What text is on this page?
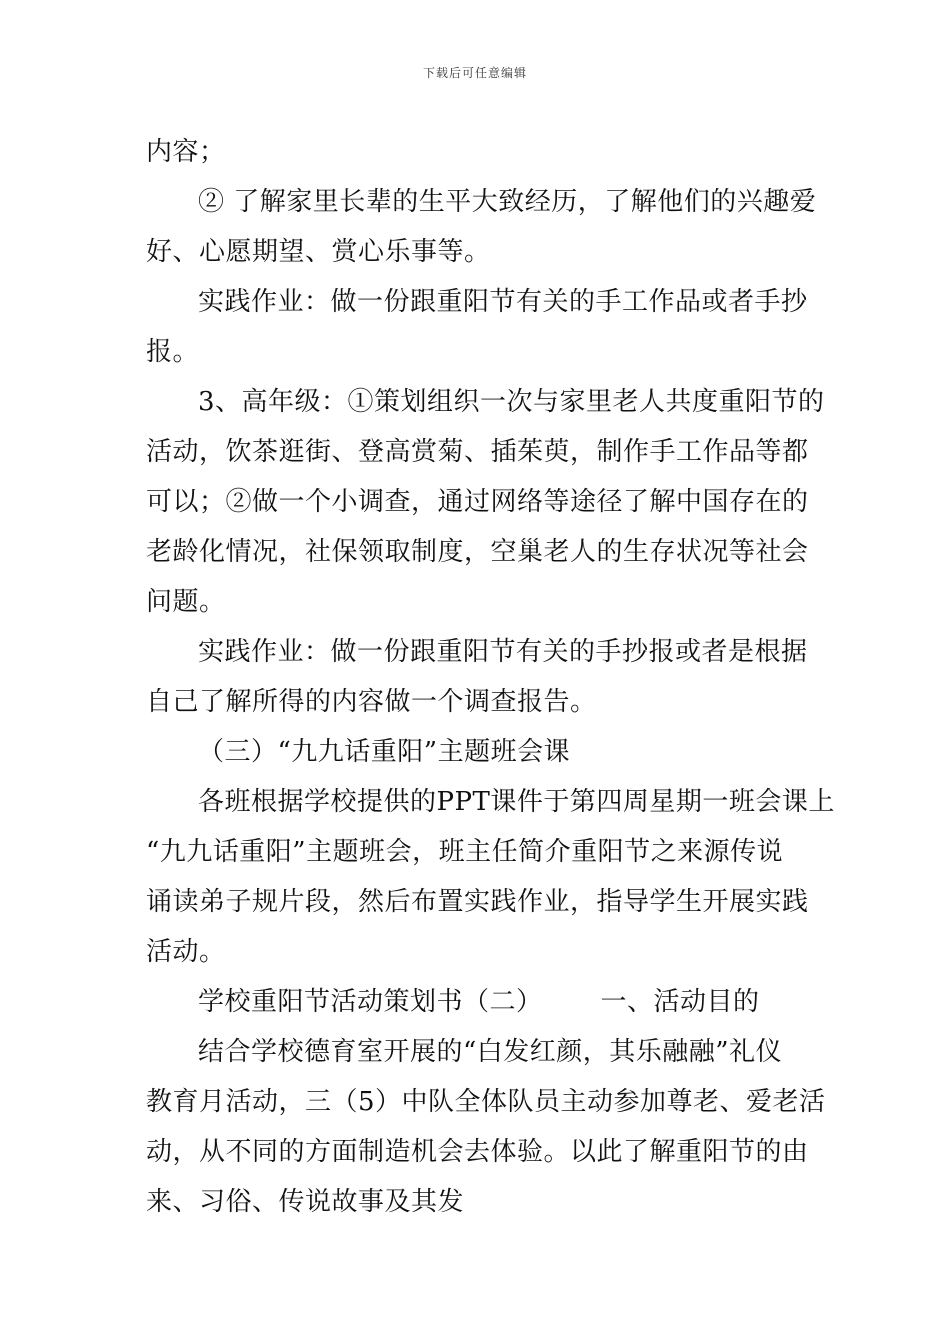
下载后可任意编辑
内容；
② 了解家里长辈的生平大致经历，了解他们的兴趣爱
好、心愿期望、赏心乐事等。
实践作业：做一份跟重阳节有关的手工作品或者手抄
报。
3、高年级：①策划组织一次与家里老人共度重阳节的
活动，饮茶逛街、登高赏菊、插茱萸，制作手工作品等都
可以；②做一个小调查，通过网络等途径了解中国存在的
老龄化情况，社保领取制度，空巢老人的生存状况等社会
问题。
实践作业：做一份跟重阳节有关的手抄报或者是根据
自己了解所得的内容做一个调查报告。
（三）“九九话重阳”主题班会课
各班根据学校提供的PPT课件于第四周星期一班会课上
“九九话重阳”主题班会，班主任简介重阳节之来源传说
诵读弟子规片段，然后布置实践作业，指导学生开展实践
活动。
学校重阳节活动策划书（二） 一、活动目的
结合学校德育室开展的“白发红颜，其乐融融”礼仪
教育月活动，三（5）中队全体队员主动参加尊老、爱老活
动，从不同的方面制造机会去体验。以此了解重阳节的由
来、习俗、传说故事及其发
